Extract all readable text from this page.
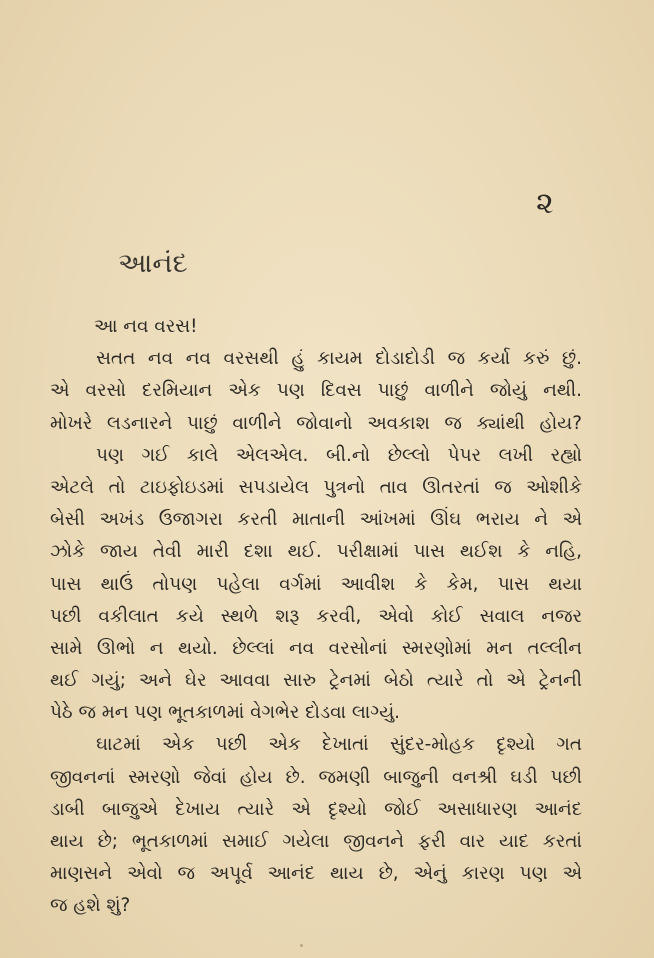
૨
આનંદ
આ નવ વરસ!
સતત નવ નવ વરસથી હું કાયમ દોડાદોડી જ કર્યા કરું છું.
એ વરસો દરમિયાન એક પણ દિવસ પાછું વાળીને જોયું નથી.
મોખરે લડનારને પાછું વાળીને જોવાનો અવકાશ જ ક્યાંથી હોય?
પણ ગઈ કાલે એલએલ. બી.નો છેલ્લો પેપર લખી રહ્યો
એટલે તો ટાઇફોઇડમાં સપડાયેલ પુત્રનો તાવ ઊતરતાં જ ઓશીકે
બેસી અખંડ ઉજાગરા કરતી માતાની આંખમાં ઊંઘ ભરાય ને એ
ઝોકે જાય તેવી મારી દશા થઈ. પરીક્ષામાં પાસ થઈશ કે નહિ,
પાસ થાઉં તોપણ પહેલા વર્ગમાં આવીશ કે કેમ, પાસ થયા
પછી વકીલાત કયે સ્થળે શરૂ કરવી, એવો કોઈ સવાલ નજર
સામે ઊભો ન થયો. છેલ્લાં નવ વરસોનાં સ્મરણોમાં મન તલ્લીન
થઈ ગયું; અને ઘેર આવવા સારુ ટ્રેનમાં બેઠો ત્યારે તો એ ટ્રેનની
પેઠે જ મન પણ ભૂતકાળમાં વેગભેર દોડવા લાગ્યું.
ઘાટમાં એક પછી એક દેખાતાં સુંદર-મોહક દૃશ્યો ગત
જીવનનાં સ્મરણો જેવાં હોય છે. જમણી બાજુની વનશ્રી ઘડી પછી
ડાબી બાજુએ દેખાય ત્યારે એ દૃશ્યો જોઈ અસાધારણ આનંદ
થાય છે; ભૂતકાળમાં સમાઈ ગયેલા જીવનને ફરી વાર યાદ કરતાં
માણસને એવો જ અપૂર્વ આનંદ થાય છે, એનું કારણ પણ એ
જ હશે શું?
